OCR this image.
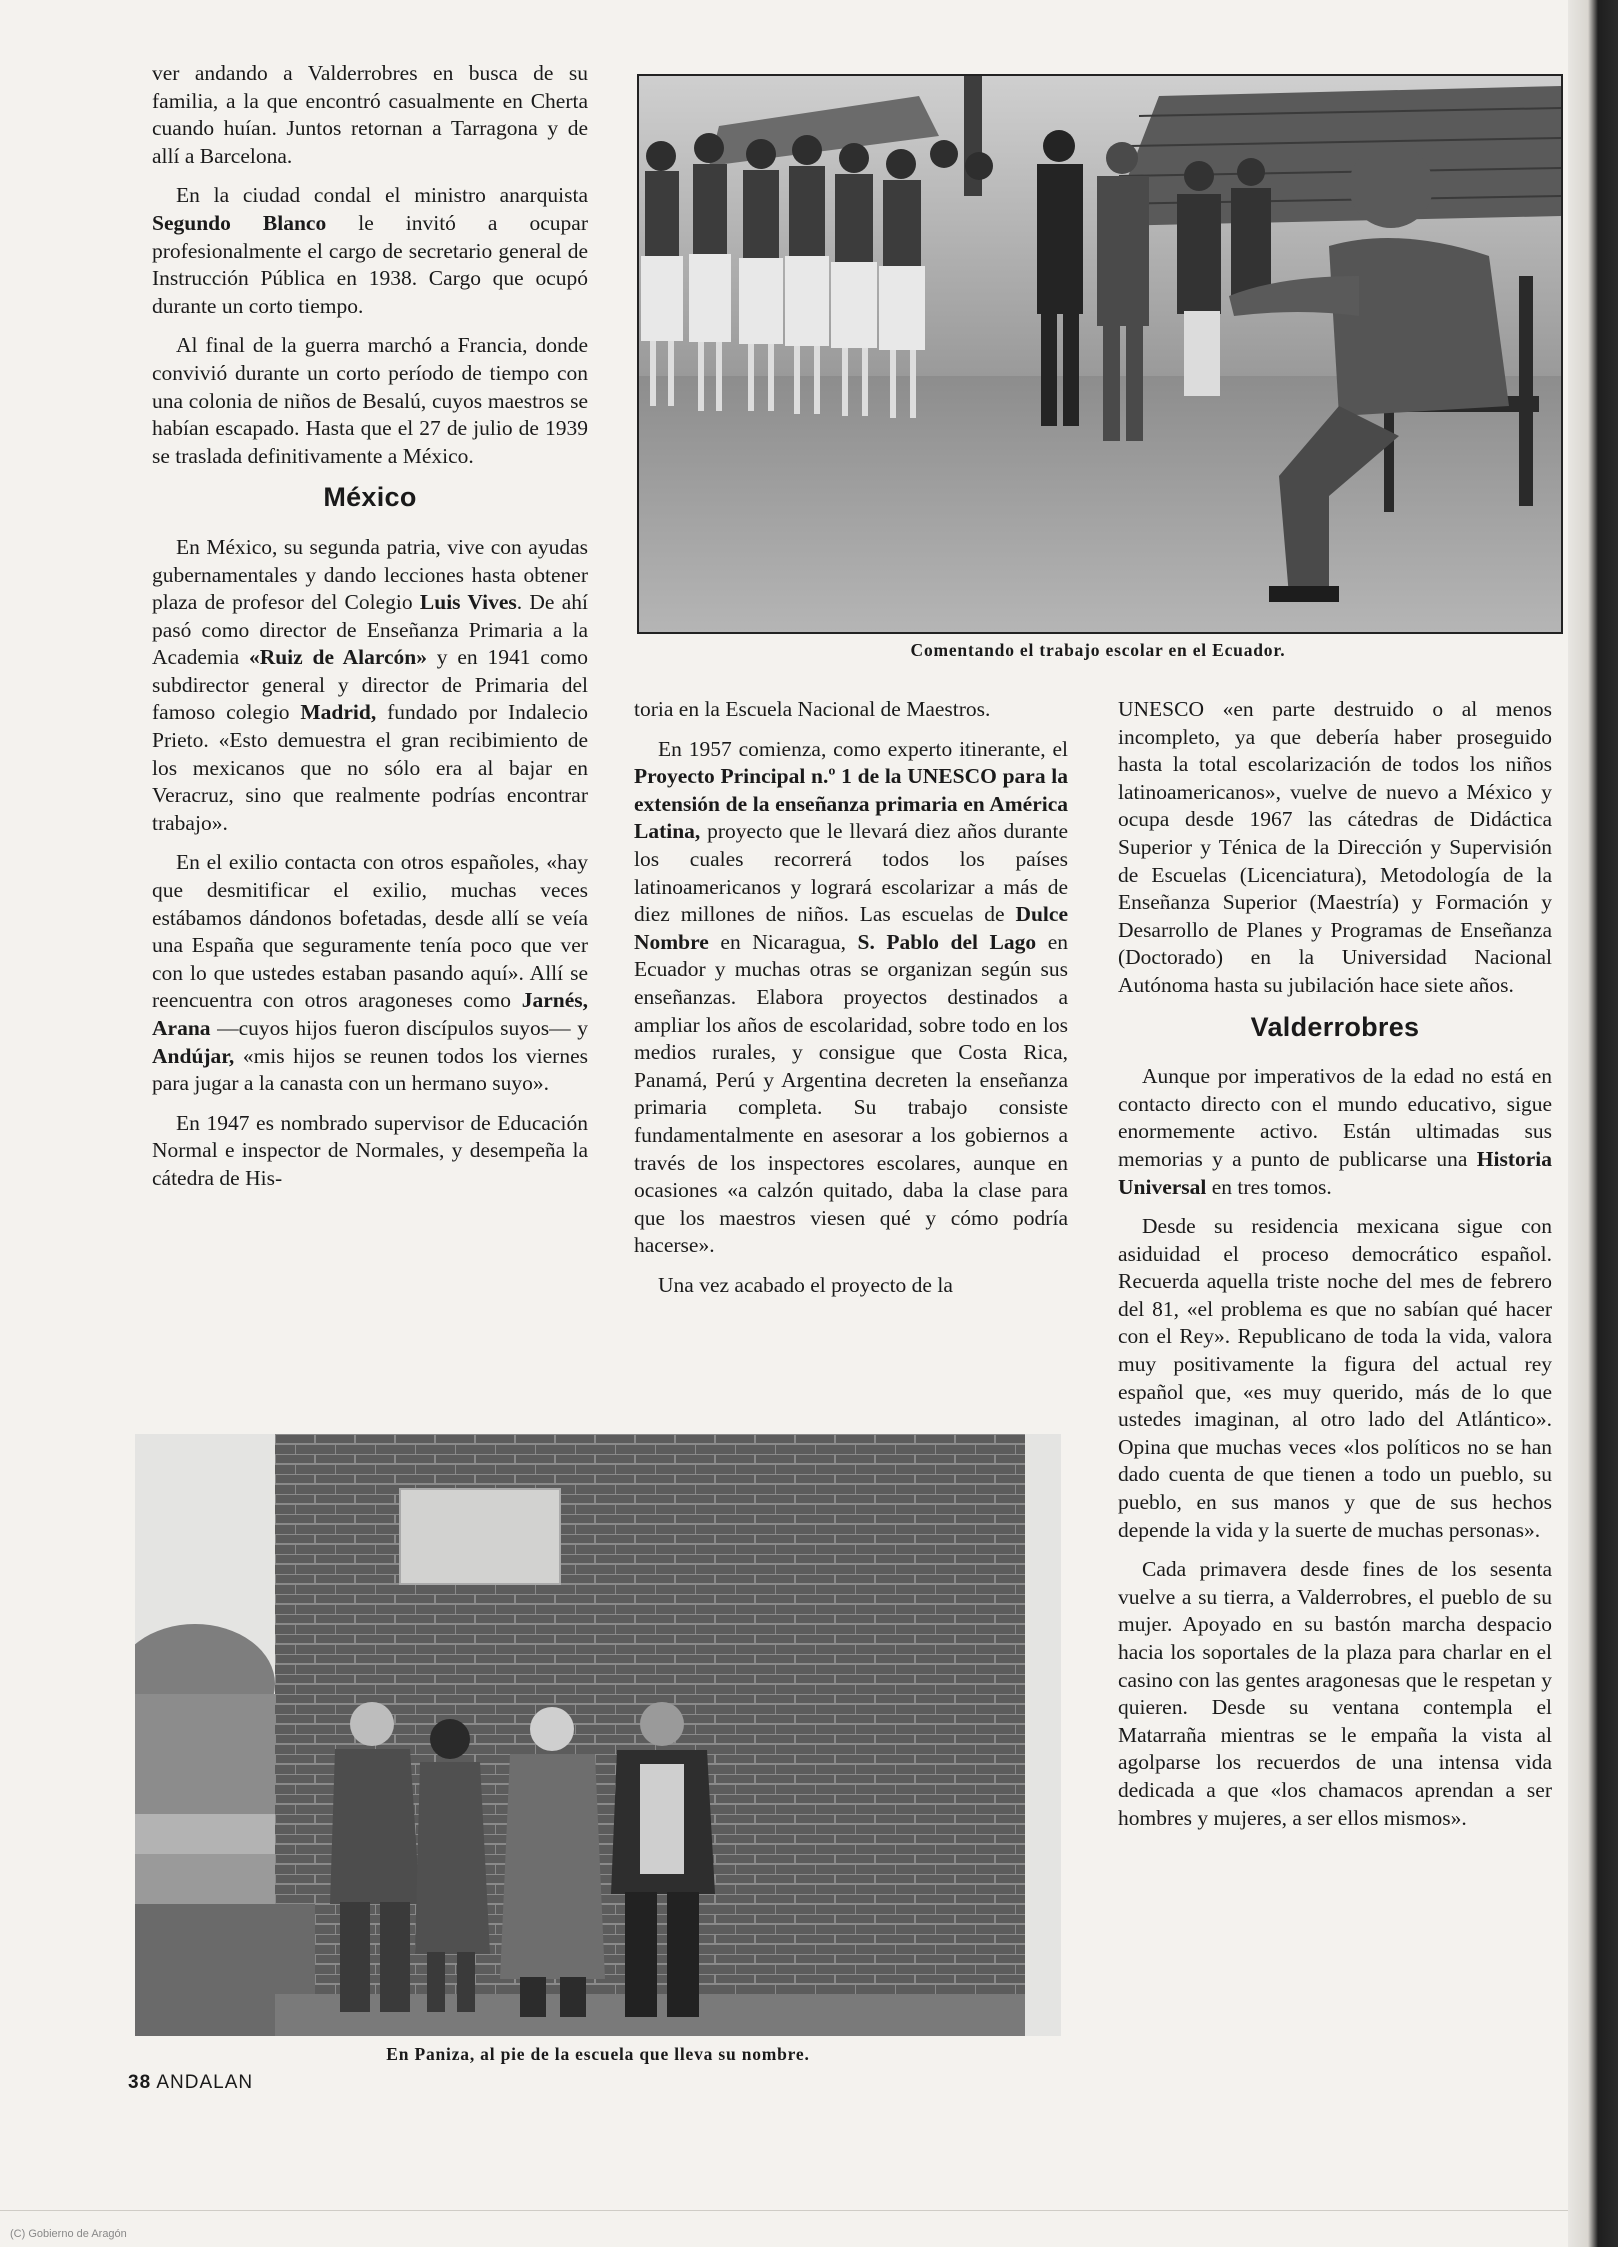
ver andando a Valderrobres en busca de su familia, a la que encontró casualmente en Cherta cuando huían. Juntos retornan a Tarragona y de allí a Barcelona.

En la ciudad condal el ministro anarquista Segundo Blanco le invitó a ocupar profesionalmente el cargo de secretario general de Instrucción Pública en 1938. Cargo que ocupó durante un corto tiempo.

Al final de la guerra marchó a Francia, donde convivió durante un corto período de tiempo con una colonia de niños de Besalú, cuyos maestros se habían escapado. Hasta que el 27 de julio de 1939 se traslada definitivamente a México.

México

En México, su segunda patria, vive con ayudas gubernamentales y dando lecciones hasta obtener plaza de profesor del Colegio Luis Vives. De ahí pasó como director de Enseñanza Primaria a la Academia «Ruiz de Alarcón» y en 1941 como subdirector general y director de Primaria del famoso colegio Madrid, fundado por Indalecio Prieto. «Esto demuestra el gran recibimiento de los mexicanos que no sólo era al bajar en Veracruz, sino que realmente podrías encontrar trabajo».

En el exilio contacta con otros españoles, «hay que desmitificar el exilio, muchas veces estábamos dándonos bofetadas, desde allí se veía una España que seguramente tenía poco que ver con lo que ustedes estaban pasando aquí». Allí se reencuentra con otros aragoneses como Jarnés, Arana —cuyos hijos fueron discípulos suyos— y Andújar, «mis hijos se reunen todos los viernes para jugar a la canasta con un hermano suyo».

En 1947 es nombrado supervisor de Educación Normal e inspector de Normales, y desempeña la cátedra de His-

toria en la Escuela Nacional de Maestros.

En 1957 comienza, como experto itinerante, el Proyecto Principal n.º 1 de la UNESCO para la extensión de la enseñanza primaria en América Latina, proyecto que le llevará diez años durante los cuales recorrerá todos los países latinoamericanos y logrará escolarizar a más de diez millones de niños. Las escuelas de Dulce Nombre en Nicaragua, S. Pablo del Lago en Ecuador y muchas otras se organizan según sus enseñanzas. Elabora proyectos destinados a ampliar los años de escolaridad, sobre todo en los medios rurales, y consigue que Costa Rica, Panamá, Perú y Argentina decreten la enseñanza primaria completa. Su trabajo consiste fundamentalmente en asesorar a los gobiernos a través de los inspectores escolares, aunque en ocasiones «a calzón quitado, daba la clase para que los maestros viesen qué y cómo podría hacerse».

Una vez acabado el proyecto de la

UNESCO «en parte destruido o al menos incompleto, ya que debería haber proseguido hasta la total escolarización de todos los niños latinoamericanos», vuelve de nuevo a México y ocupa desde 1967 las cátedras de Didáctica Superior y Ténica de la Dirección y Supervisión de Escuelas (Licenciatura), Metodología de la Enseñanza Superior (Maestría) y Formación y Desarrollo de Planes y Programas de Enseñanza (Doctorado) en la Universidad Nacional Autónoma hasta su jubilación hace siete años.

Valderrobres

Aunque por imperativos de la edad no está en contacto directo con el mundo educativo, sigue enormemente activo. Están ultimadas sus memorias y a punto de publicarse una Historia Universal en tres tomos.

Desde su residencia mexicana sigue con asiduidad el proceso democrático español. Recuerda aquella triste noche del mes de febrero del 81, «el problema es que no sabían qué hacer con el Rey». Republicano de toda la vida, valora muy positivamente la figura del actual rey español que, «es muy querido, más de lo que ustedes imaginan, al otro lado del Atlántico». Opina que muchas veces «los políticos no se han dado cuenta de que tienen a todo un pueblo, su pueblo, en sus manos y que de sus hechos depende la vida y la suerte de muchas personas».

Cada primavera desde fines de los sesenta vuelve a su tierra, a Valderrobres, el pueblo de su mujer. Apoyado en su bastón marcha despacio hacia los soportales de la plaza para charlar en el casino con las gentes aragonesas que le respetan y quieren. Desde su ventana contempla el Matarraña mientras se le empaña la vista al agolparse los recuerdos de una intensa vida dedicada a que «los chamacos aprendan a ser hombres y mujeres, a ser ellos mismos».

Comentando el trabajo escolar en el Ecuador.
En Paniza, al pie de la escuela que lleva su nombre.
38 ANDALAN
(C) Gobierno de Aragón
